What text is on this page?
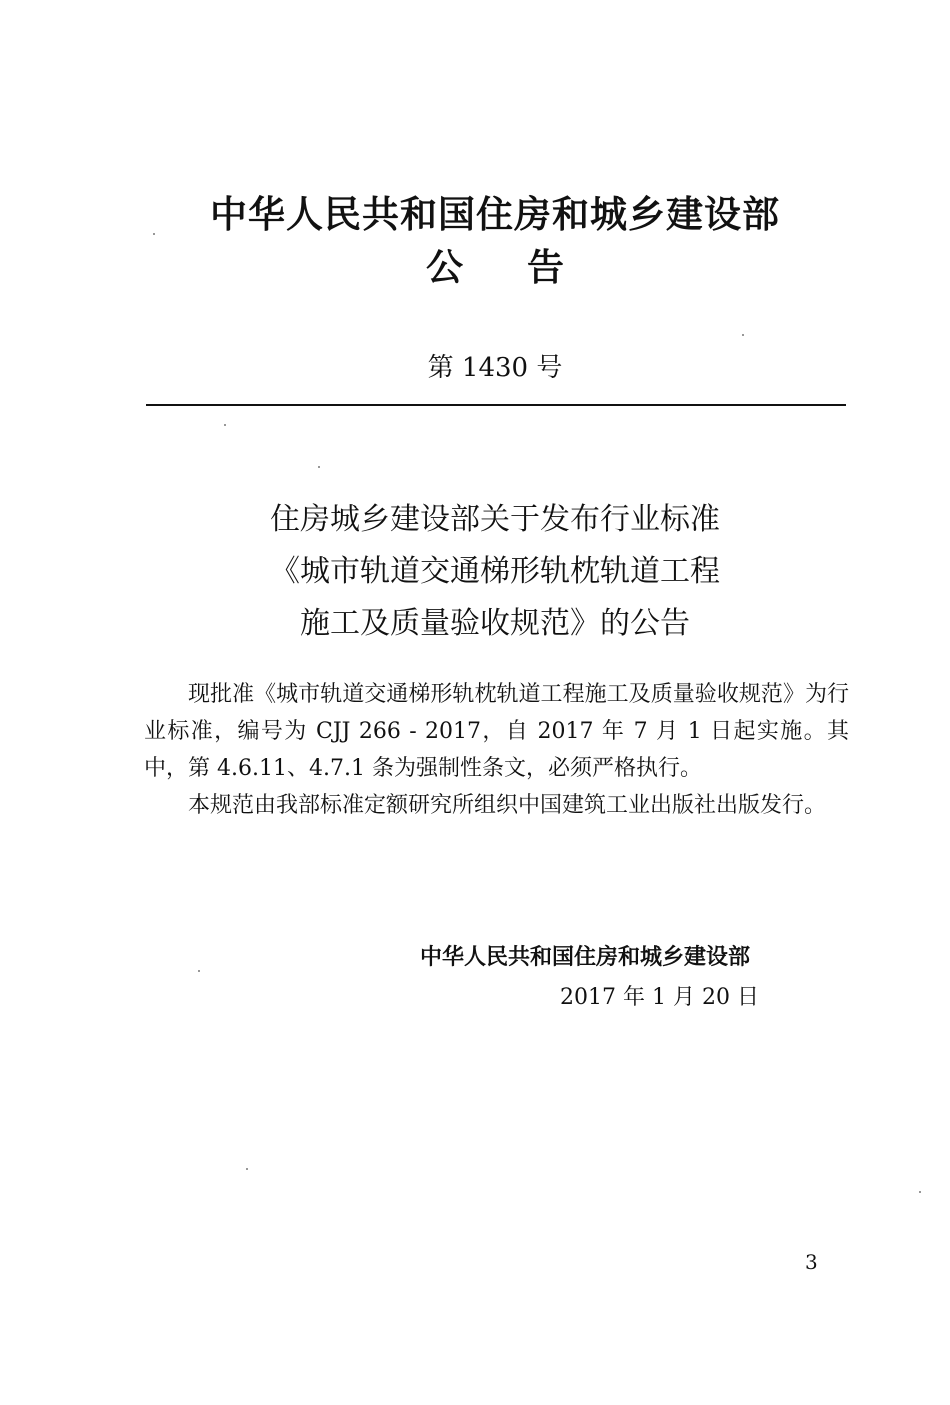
中华人民共和国住房和城乡建设部
公告
第 1430 号
住房城乡建设部关于发布行业标准
《城市轨道交通梯形轨枕轨道工程
施工及质量验收规范》的公告

现批准《城市轨道交通梯形轨枕轨道工程施工及质量验收规范》为行业标准，编号为 CJJ 266 - 2017，自 2017 年 7 月 1 日起实施。其中，第 4.6.11、4.7.1 条为强制性条文，必须严格执行。

本规范由我部标准定额研究所组织中国建筑工业出版社出版发行。

中华人民共和国住房和城乡建设部
2017 年 1 月 20 日
3
